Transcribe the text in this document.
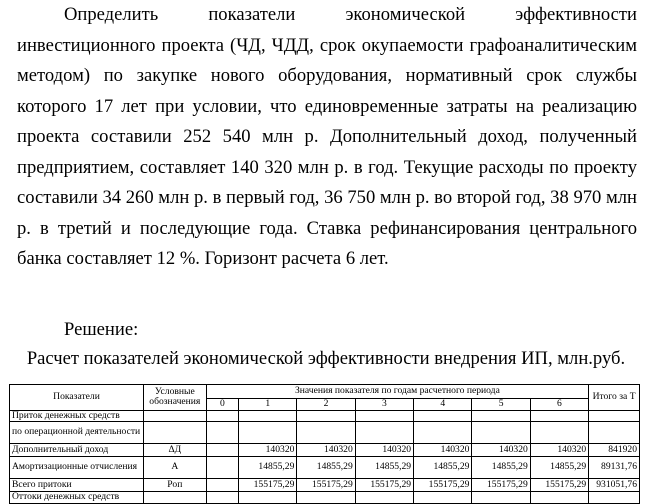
Определить показатели экономической эффективности инвестиционного проекта (ЧД, ЧДД, срок окупаемости графоаналитическим методом) по закупке нового оборудования, нормативный срок службы которого 17 лет при условии, что единовременные затраты на реализацию проекта составили 252 540 млн р. Дополнительный доход, полученный предприятием, составляет 140 320 млн р. в год. Текущие расходы по проекту составили 34 260 млн р. в первый год, 36 750 млн р. во второй год, 38 970 млн р. в третий и последующие года. Ставка рефинансирования центрального банка составляет 12 %. Горизонт расчета 6 лет.
Решение:
Расчет показателей экономической эффективности внедрения ИП, млн.руб.
Показатели	Условные обозначения	Значения показателя по годам расчетного периода							Итого за Т
		0	1	2	3	4	5	6	
Приток денежных средств									
по операционной деятельности									
Дополнительный доход	ΔД		140320	140320	140320	140320	140320	140320	841920
Амортизационные отчисления	А		14855,29	14855,29	14855,29	14855,29	14855,29	14855,29	89131,76
Всего притоки	Роп		155175,29	155175,29	155175,29	155175,29	155175,29	155175,29	931051,76
Оттоки денежных средств									
